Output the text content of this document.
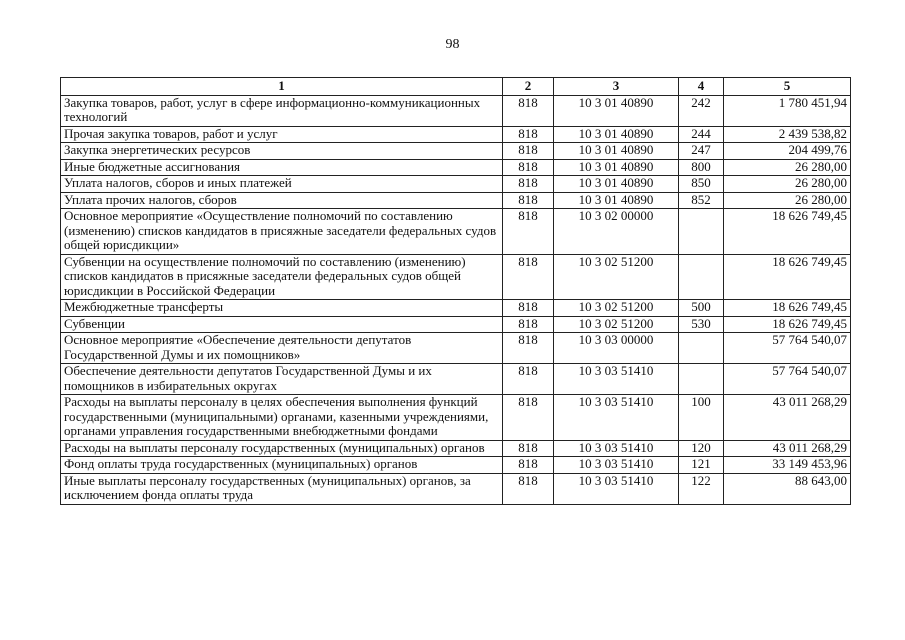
98
1	2	3	4	5
Закупка товаров, работ, услуг в сфере информационно-коммуникационных технологий	818	10 3 01 40890	242	1 780 451,94
Прочая закупка товаров, работ и услуг	818	10 3 01 40890	244	2 439 538,82
Закупка энергетических ресурсов	818	10 3 01 40890	247	204 499,76
Иные бюджетные ассигнования	818	10 3 01 40890	800	26 280,00
Уплата налогов, сборов и иных платежей	818	10 3 01 40890	850	26 280,00
Уплата прочих налогов, сборов	818	10 3 01 40890	852	26 280,00
Основное мероприятие «Осуществление полномочий по составлению (изменению) списков кандидатов в присяжные заседатели федеральных судов общей юрисдикции»	818	10 3 02 00000		18 626 749,45
Субвенции на осуществление полномочий по составлению (изменению) списков кандидатов в присяжные заседатели федеральных судов общей юрисдикции в Российской Федерации	818	10 3 02 51200		18 626 749,45
Межбюджетные трансферты	818	10 3 02 51200	500	18 626 749,45
Субвенции	818	10 3 02 51200	530	18 626 749,45
Основное мероприятие «Обеспечение деятельности депутатов Государственной Думы и их помощников»	818	10 3 03 00000		57 764 540,07
Обеспечение деятельности депутатов Государственной Думы и их помощников в избирательных округах	818	10 3 03 51410		57 764 540,07
Расходы на выплаты персоналу в целях обеспечения выполнения функций государственными (муниципальными) органами, казенными учреждениями, органами управления государственными внебюджетными фондами	818	10 3 03 51410	100	43 011 268,29
Расходы на выплаты персоналу государственных (муниципальных) органов	818	10 3 03 51410	120	43 011 268,29
Фонд оплаты труда государственных (муниципальных) органов	818	10 3 03 51410	121	33 149 453,96
Иные выплаты персоналу государственных (муниципальных) органов, за исключением фонда оплаты труда	818	10 3 03 51410	122	88 643,00
